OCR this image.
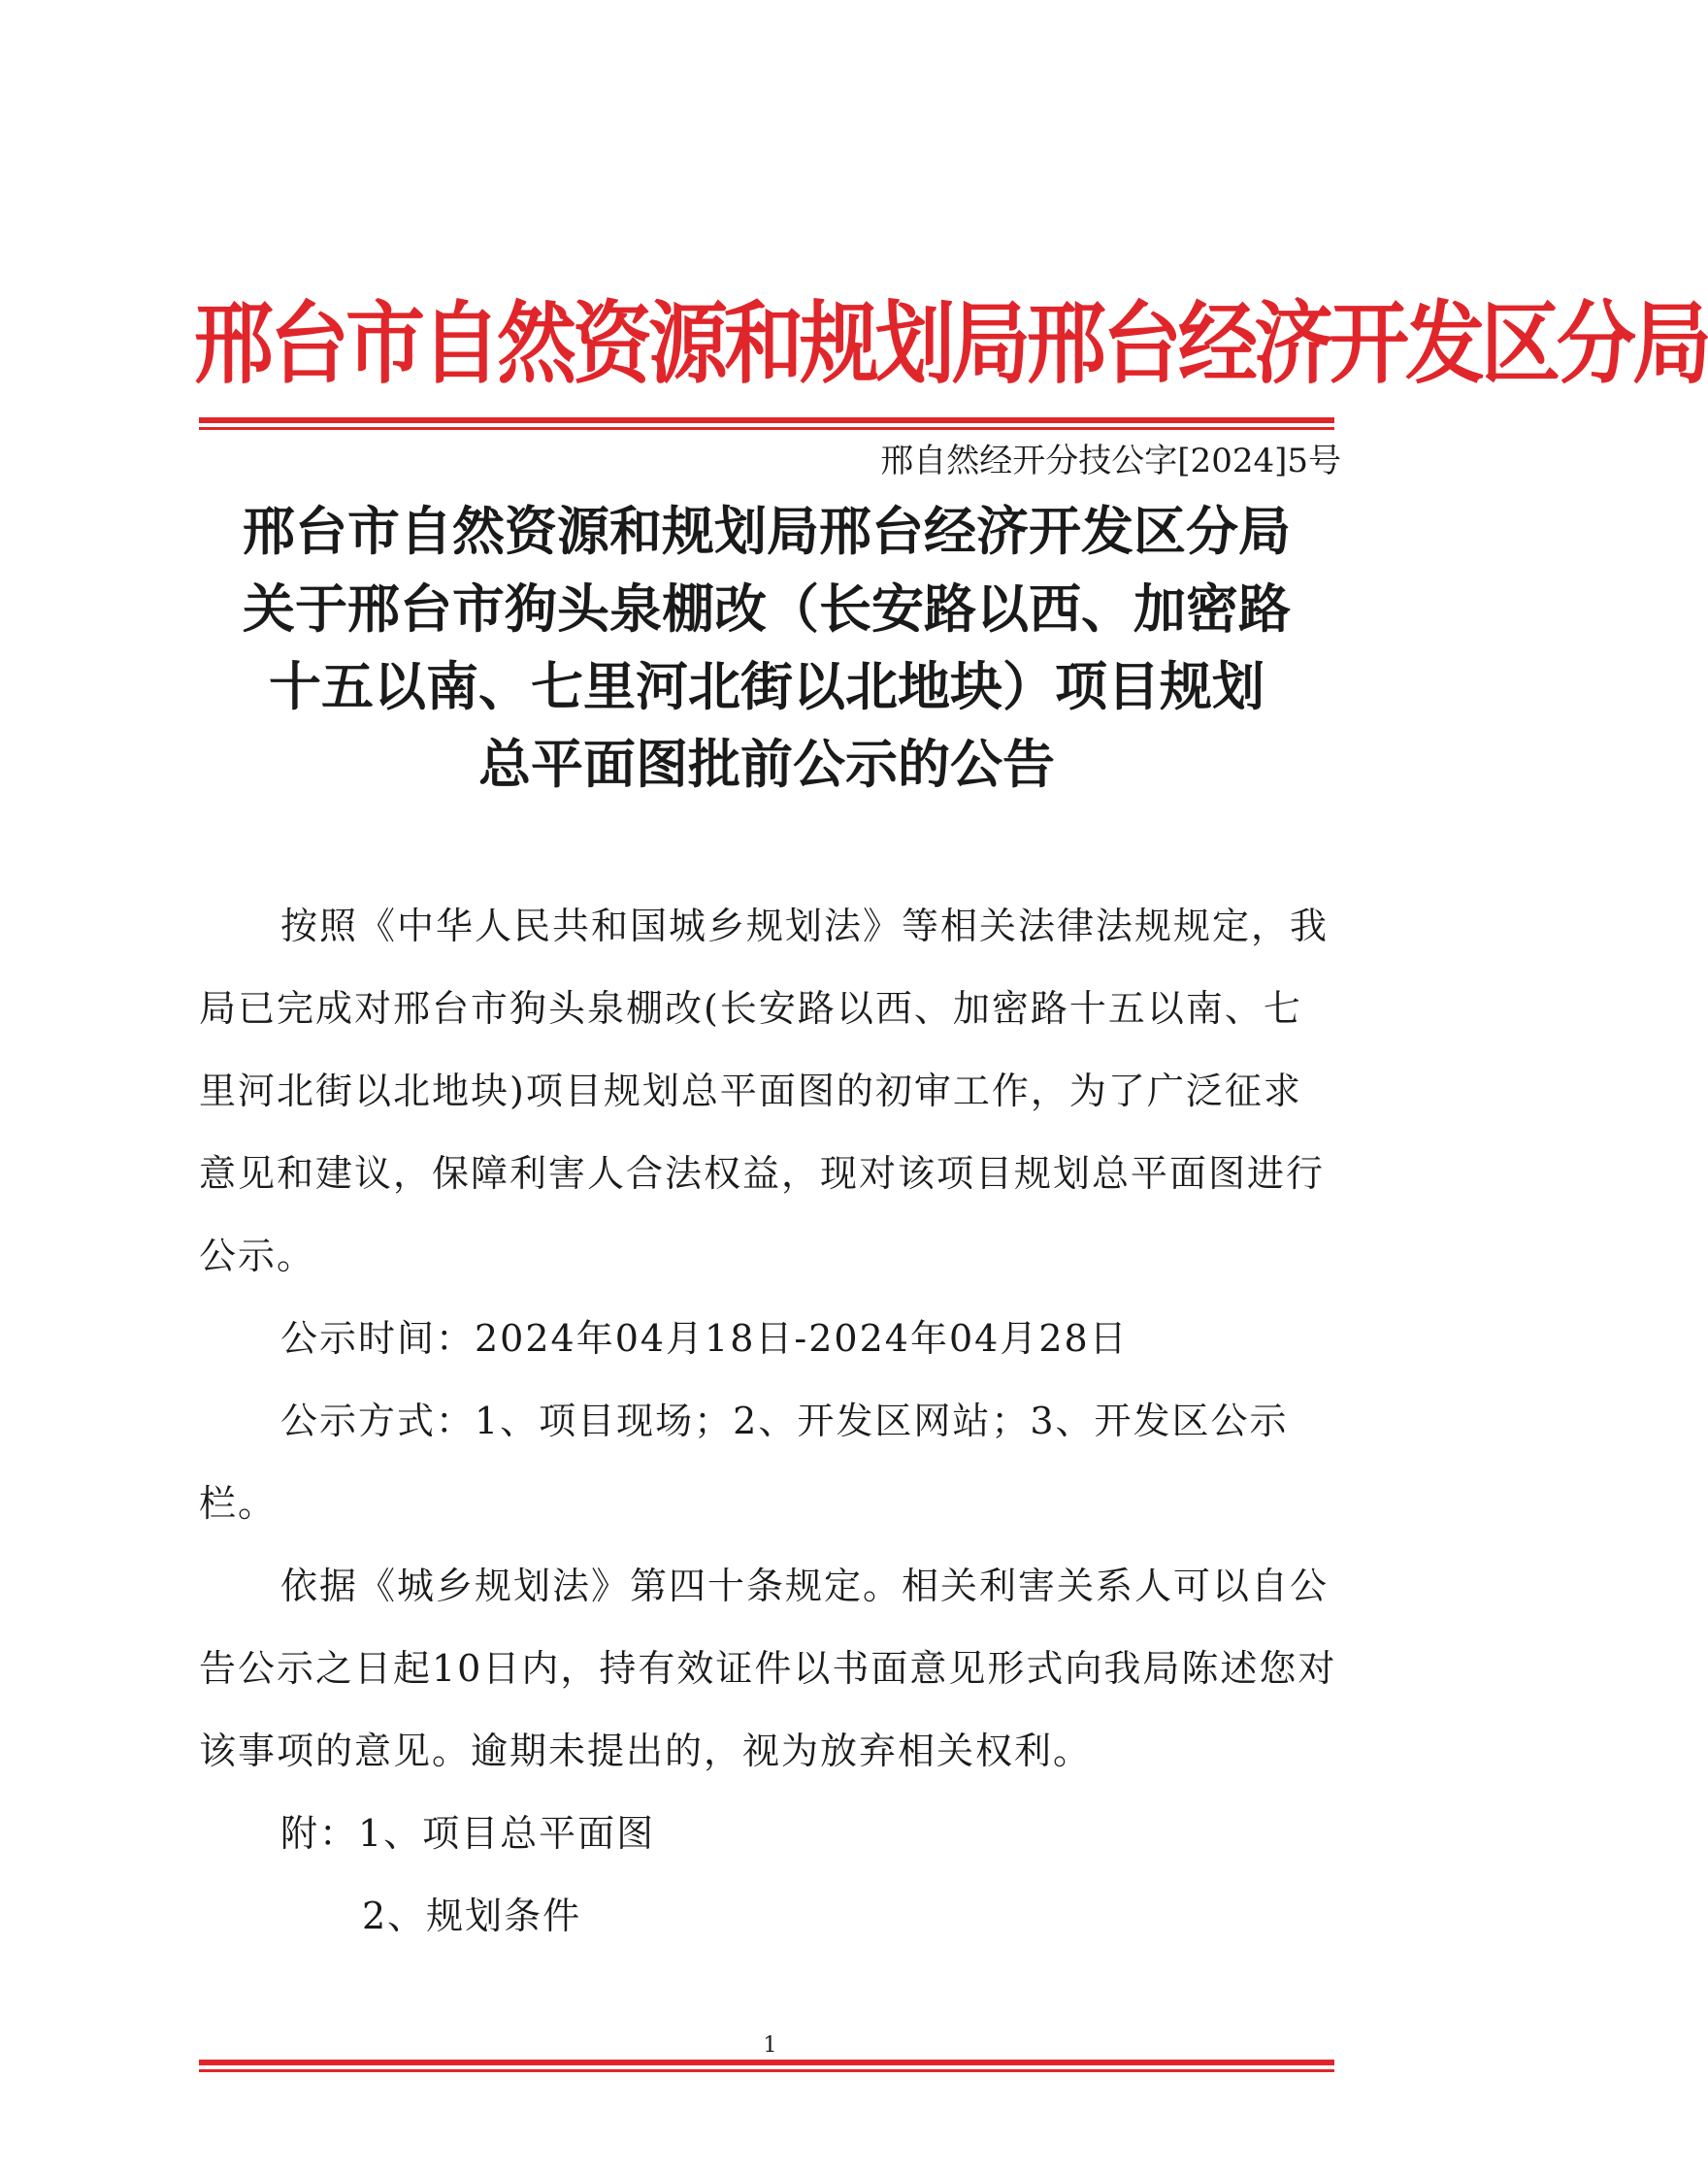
邢台市自然资源和规划局邢台经济开发区分局
邢自然经开分技公字[2024]5号
邢台市自然资源和规划局邢台经济开发区分局
关于邢台市狗头泉棚改（长安路以西、加密路
十五以南、七里河北街以北地块）项目规划
总平面图批前公示的公告

按照《中华人民共和国城乡规划法》等相关法律法规规定，我局已完成对邢台市狗头泉棚改(长安路以西、加密路十五以南、七里河北街以北地块)项目规划总平面图的初审工作，为了广泛征求意见和建议，保障利害人合法权益，现对该项目规划总平面图进行公示。

公示时间：2024年04月18日-2024年04月28日

公示方式：1、项目现场；2、开发区网站；3、开发区公示栏。

依据《城乡规划法》第四十条规定。相关利害关系人可以自公告公示之日起10日内，持有效证件以书面意见形式向我局陈述您对该事项的意见。逾期未提出的，视为放弃相关权利。

附：1、项目总平面图

2、规划条件

1
